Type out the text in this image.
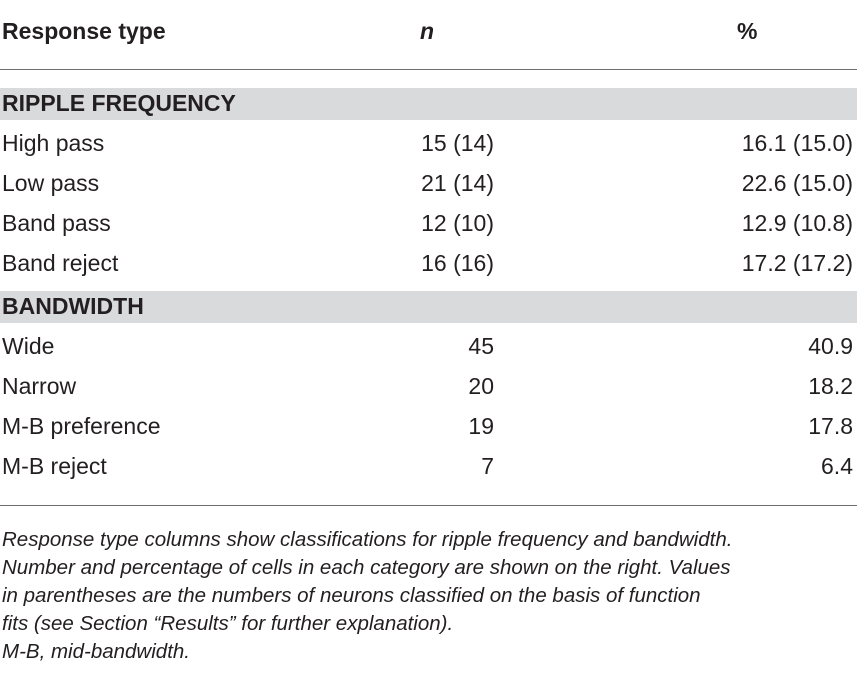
Response type	n	%
RIPPLE FREQUENCY
High pass	15 (14)	16.1 (15.0)
Low pass	21 (14)	22.6 (15.0)
Band pass	12 (10)	12.9 (10.8)
Band reject	16 (16)	17.2 (17.2)
BANDWIDTH
Wide	45	40.9
Narrow	20	18.2
M-B preference	19	17.8
M-B reject	7	6.4
Response type columns show classifications for ripple frequency and bandwidth.
Number and percentage of cells in each category are shown on the right. Values
in parentheses are the numbers of neurons classified on the basis of function
fits (see Section “Results” for further explanation).
M-B, mid-bandwidth.
